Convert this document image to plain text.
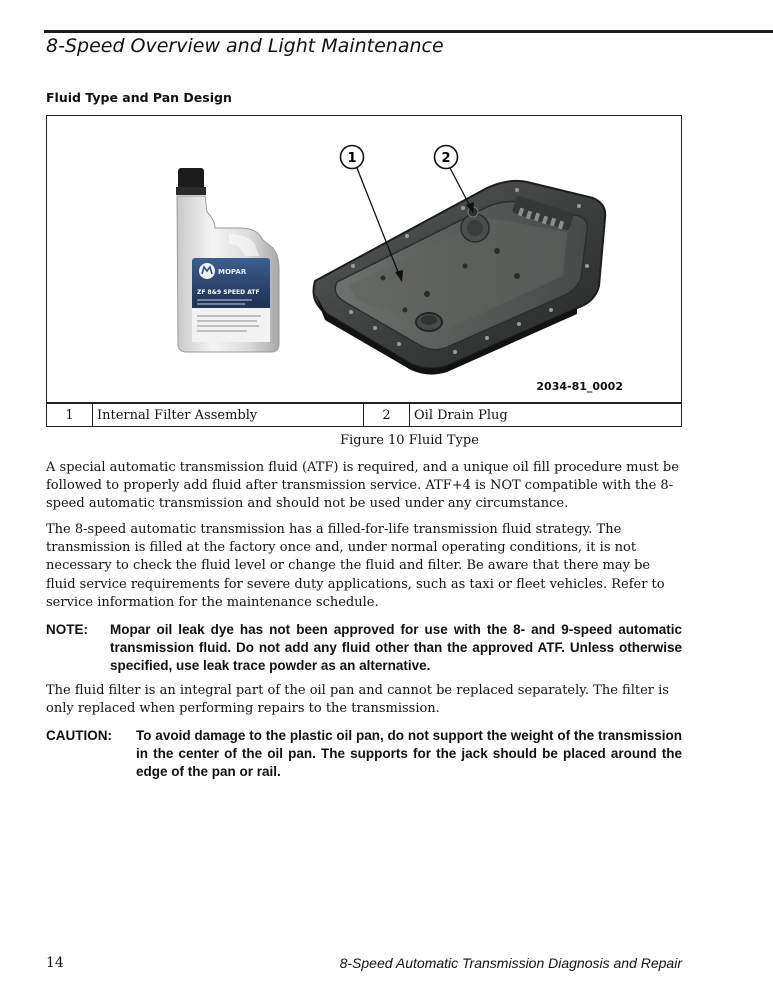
8-Speed Overview and Light Maintenance
Fluid Type and Pan Design
MOPAR
ZF 8&9 SPEED ATF
1	2
2034-81_0002
1	Internal Filter Assembly	2	Oil Drain Plug
Figure 10 Fluid Type

A special automatic transmission fluid (ATF) is required, and a unique oil fill procedure must be followed to properly add fluid after transmission service. ATF+4 is NOT compatible with the 8-speed automatic transmission and should not be used under any circumstance.

The 8-speed automatic transmission has a filled-for-life transmission fluid strategy. The transmission is filled at the factory once and, under normal operating conditions, it is not necessary to check the fluid level or change the fluid and filter. Be aware that there may be fluid service requirements for severe duty applications, such as taxi or fleet vehicles. Refer to service information for the maintenance schedule.

NOTE: Mopar oil leak dye has not been approved for use with the 8- and 9-speed automatic transmission fluid. Do not add any fluid other than the approved ATF. Unless otherwise specified, use leak trace powder as an alternative.

The fluid filter is an integral part of the oil pan and cannot be replaced separately. The filter is only replaced when performing repairs to the transmission.

CAUTION: To avoid damage to the plastic oil pan, do not support the weight of the transmission in the center of the oil pan. The supports for the jack should be placed around the edge of the pan or rail.
14	8-Speed Automatic Transmission Diagnosis and Repair
